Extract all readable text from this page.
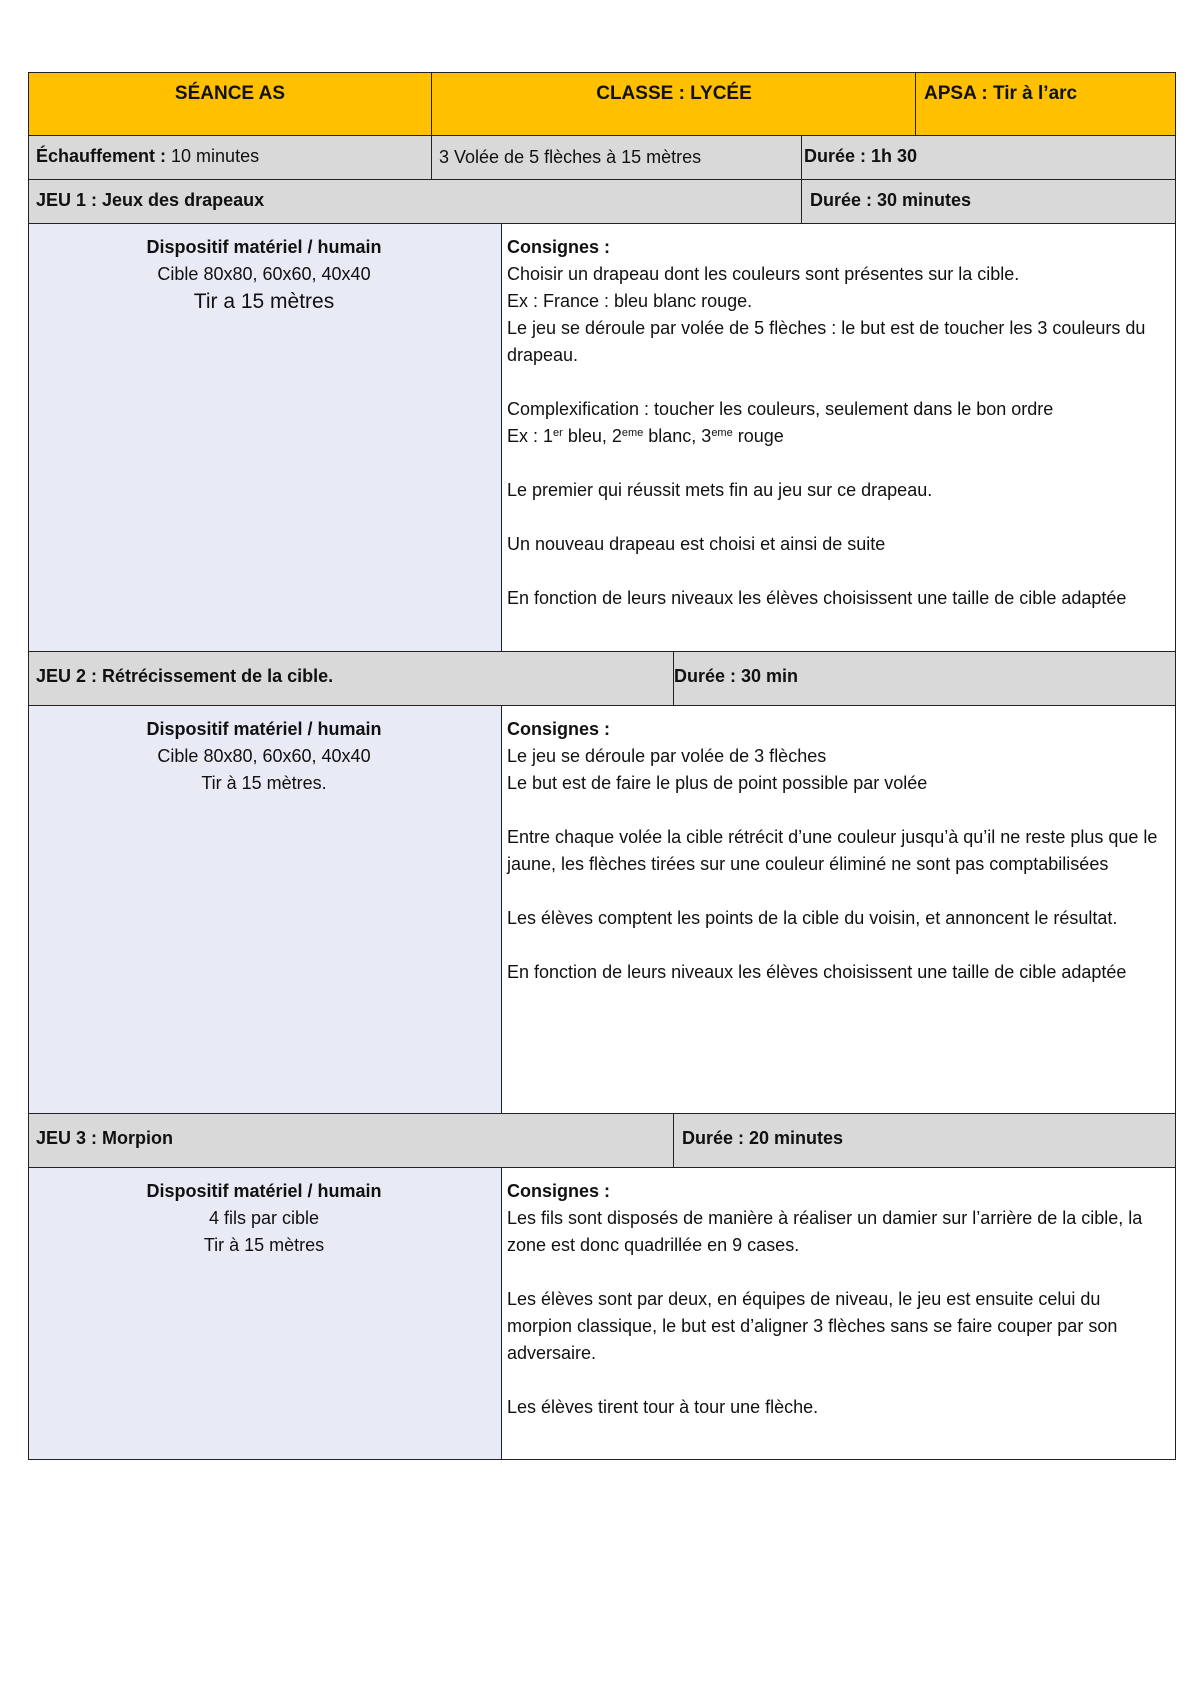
SÉANCE AS	CLASSE : LYCÉE	APSA : Tir à l’arc
Échauffement : 10 minutes	3 Volée de 5 flèches à 15 mètres	Durée : 1h 30
JEU 1 : Jeux des drapeaux	Durée : 30 minutes
Dispositif matériel / humain
Cible 80x80, 60x60, 40x40
Tir a 15 mètres

Consignes :

Choisir un drapeau dont les couleurs sont présentes sur la cible.

Ex : France : bleu blanc rouge.

Le jeu se déroule par volée de 5 flèches : le but est de toucher les 3 couleurs du drapeau.

Complexification : toucher les couleurs, seulement dans le bon ordre

Ex : 1er bleu, 2eme blanc, 3eme rouge

Le premier qui réussit mets fin au jeu sur ce drapeau.

Un nouveau drapeau est choisi et ainsi de suite

En fonction de leurs niveaux les élèves choisissent une taille de cible adaptée

JEU 2 : Rétrécissement de la cible.	Durée : 30 min
Dispositif matériel / humain
Cible 80x80, 60x60, 40x40
Tir à 15 mètres.

Consignes :

Le jeu se déroule par volée de 3 flèches

Le but est de faire le plus de point possible par volée

Entre chaque volée la cible rétrécit d’une couleur jusqu’à qu’il ne reste plus que le jaune, les flèches tirées sur une couleur éliminé ne sont pas comptabilisées

Les élèves comptent les points de la cible du voisin, et annoncent le résultat.

En fonction de leurs niveaux les élèves choisissent une taille de cible adaptée

JEU 3 : Morpion	Durée : 20 minutes
Dispositif matériel / humain
4 fils par cible
Tir à 15 mètres

Consignes :

Les fils sont disposés de manière à réaliser un damier sur l’arrière de la cible, la zone est donc quadrillée en 9 cases.

Les élèves sont par deux, en équipes de niveau, le jeu est ensuite celui du morpion classique, le but est d’aligner 3 flèches sans se faire couper par son adversaire.

Les élèves tirent tour à tour une flèche.
